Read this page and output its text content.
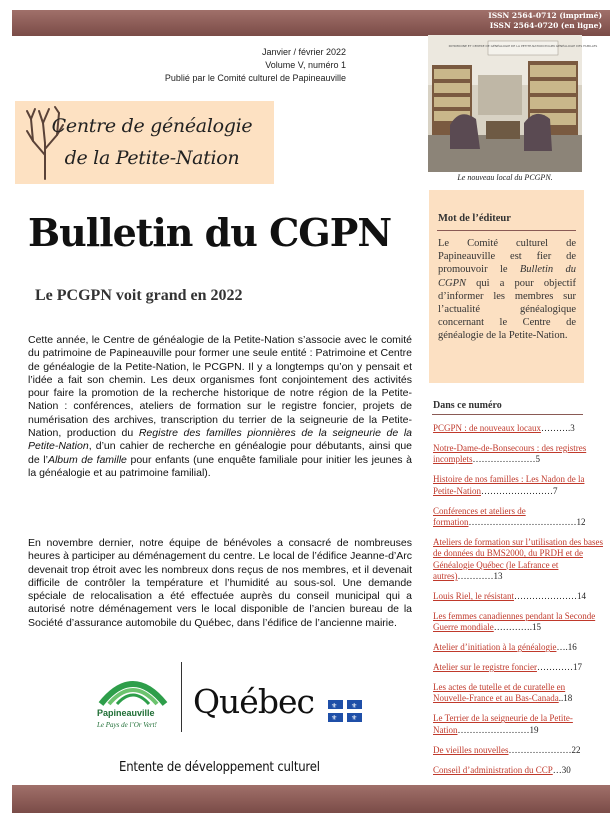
ISSN 2564-0712 (imprimé)
ISSN 2564-0720 (en ligne)
Janvier / février 2022
Volume V, numéro 1
Publié par le Comité culturel de Papineauville
Centre de généalogie
de la Petite-Nation
Bulletin du CGPN
Le PCGPN voit grand en 2022

Cette année, le Centre de généalogie de la Petite-Nation s’associe avec le comité du patrimoine de Papineauville pour former une seule entité : Patrimoine et Centre de généalogie de la Petite-Nation, le PCGPN. Il y a longtemps qu’on y pensait et l’idée a fait son chemin. Les deux organismes font conjointement des activités pour faire la promotion de la recherche historique de notre région de la Petite-Nation : conférences, ateliers de formation sur le registre foncier, projets de numérisation des archives, transcription du terrier de la seigneurie de la Petite-Nation, production du Registre des familles pionnières de la seigneurie de la Petite-Nation, d’un cahier de recherche en généalogie pour débutants, ainsi que de l’Album de famille pour enfants (une enquête familiale pour initier les jeunes à la généalogie et au patrimoine familial).

En novembre dernier, notre équipe de bénévoles a consacré de nombreuses heures à participer au déménagement du centre. Le local de l’édifice Jeanne-d’Arc devenait trop étroit avec les nombreux dons reçus de nos membres, et il devenait difficile de contrôler la température et l’humidité au sous-sol. Une demande spéciale de relocalisation a été effectuée auprès du conseil municipal qui a autorisé notre déménagement vers le local disponible de l’ancien bureau de la Société d’assurance automobile du Québec, dans l’édifice de l’ancienne mairie.

Papineauville
Le Pays de l’Or Vert!
Québec ⚜ ⚜
⚜ ⚜
Entente de développement culturel
PATRIMOINE ET CENTRE DE GÉNÉALOGIE DE LA PETITE-NATION PCGPN GÉNÉALOGIE DES FAMILLES
Le nouveau local du PCGPN.
Mot de l’éditeur

Le Comité culturel de Papineauville est fier de promouvoir le Bulletin du CGPN qui a pour objectif d’informer les membres sur l’actualité généalogique concernant le Centre de généalogie de la Petite-Nation.

Dans ce numéro
PCGPN : de nouveaux locaux……….3
Notre-Dame-de-Bonsecours : des registres incomplets…………………5
Histoire de nos familles : Les Nadon de la Petite-Nation……………………7
Conférences et ateliers de formation………………………………12
Ateliers de formation sur l’utilisation des bases de données du BMS2000, du PRDH et de Généalogie Québec (le Lafrance et autres)…………13
Louis Riel, le résistant…………………14
Les femmes canadiennes pendant la Seconde Guerre mondiale………….15
Atelier d’initiation à la généalogie….16
Atelier sur le registre foncier…………17
Les actes de tutelle et de curatelle en Nouvelle-France et au Bas-Canada..18
Le Terrier de la seigneurie de la Petite-Nation……………………19
De vieilles nouvelles…………………22
Conseil d’administration du CCP…30
